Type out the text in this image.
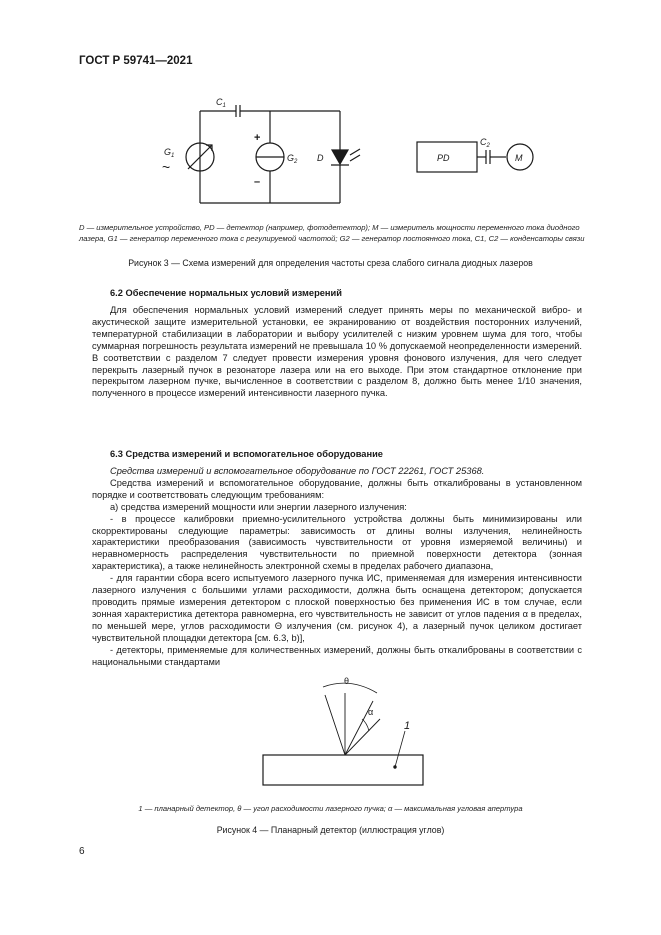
ГОСТ Р 59741—2021
$C_1$
$G_1$
~
$G_2$
+
–
D	PD
$C_2$
M
D — измерительное устройство, PD — детектор (например, фотодетектор); M — измеритель мощности переменного тока диодного
лазера, G1 — генератор переменного тока с регулируемой частотой; G2 — генератор постоянного тока, C1, C2 — конденсаторы связи
Рисунок 3 — Схема измерений для определения частоты среза слабого сигнала диодных лазеров
6.2 Обеспечение нормальных условий измерений

Для обеспечения нормальных условий измерений следует принять меры по механической вибро- и акустической защите измерительной установки, ее экранированию от воздействия посторонних излучений, температурной стабилизации в лаборатории и выбору усилителей с низким уровнем шума для того, чтобы суммарная погрешность результата измерений не превышала 10 % допускаемой неопределенности измерений. В соответствии с разделом 7 следует провести измерения уровня фонового излучения, для чего следует перекрыть лазерный пучок в резонаторе лазера или на его выходе. При этом стандартное отклонение при перекрытом лазерном пучке, вычисленное в соответствии с разделом 8, должно быть менее 1/10 значения, полученного в процессе измерений интенсивности лазерного пучка.

6.3 Средства измерений и вспомогательное оборудование

Средства измерений и вспомогательное оборудование по ГОСТ 22261, ГОСТ 25368.

Средства измерений и вспомогательное оборудование, должны быть откалиброваны в установленном порядке и соответствовать следующим требованиям:

а) средства измерений мощности или энергии лазерного излучения:

- в процессе калибровки приемно-усилительного устройства должны быть минимизированы или скорректированы следующие параметры: зависимость от длины волны излучения, нелинейность характеристики преобразования (зависимость чувствительности от уровня измеряемой величины) и неравномерность распределения чувствительности по приемной поверхности детектора (зонная характеристика), а также нелинейность электронной схемы в пределах рабочего диапазона,

- для гарантии сбора всего испытуемого лазерного пучка ИС, применяемая для измерения интенсивности лазерного излучения с большими углами расходимости, должна быть оснащена детектором; допускается проводить прямые измерения детектором с плоской поверхностью без применения ИС в том случае, если зонная характеристика детектора равномерна, его чувствительность не зависит от углов падения α в пределах, по меньшей мере, углов расходимости Θ излучения (см. рисунок 4), а лазерный пучок целиком достигает чувствительной площадки детектора [см. 6.3, b)],

- детекторы, применяемые для количественных измерений, должны быть откалиброваны в соответствии с национальными стандартами

θ
α
1
1 — планарный детектор, θ — угол расходимости лазерного пучка; α — максимальная угловая апертура
Рисунок 4 — Планарный детектор (иллюстрация углов)
6
